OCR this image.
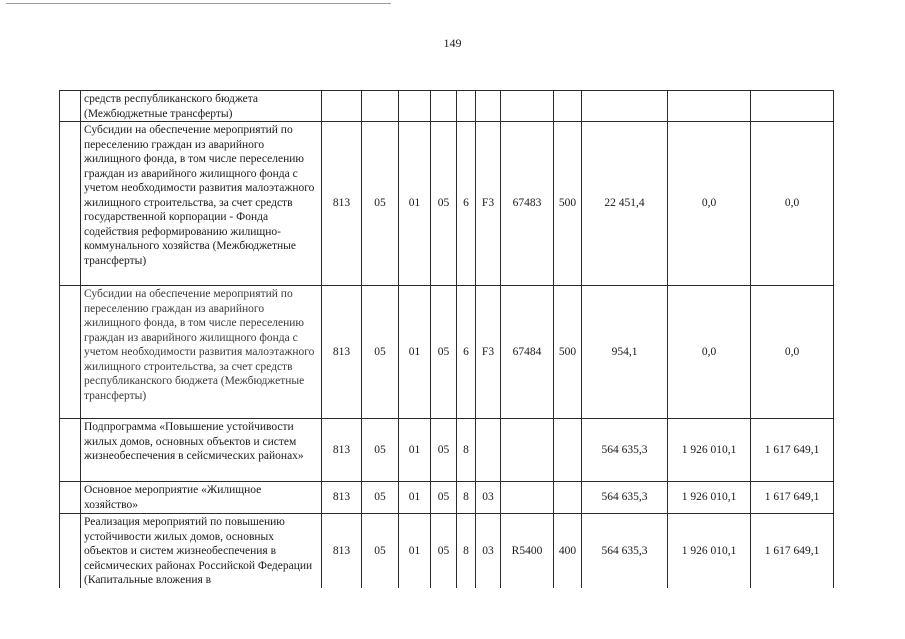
149
	средств республиканского бюджета (Межбюджетные трансферты)											
	Субсидии на обеспечение мероприятий по переселению граждан из аварийного жилищного фонда, в том числе переселению граждан из аварийного жилищного фонда с учетом необходимости развития малоэтажного жилищного строительства, за счет средств государственной корпорации - Фонда содействия реформированию жилищно-коммунального хозяйства (Межбюджетные трансферты)	813	05	01	05	6	F3	67483	500	22 451,4	0,0	0,0
	Субсидии на обеспечение мероприятий по переселению граждан из аварийного жилищного фонда, в том числе переселению граждан из аварийного жилищного фонда с учетом необходимости развития малоэтажного жилищного строительства, за счет средств республиканского бюджета (Межбюджетные трансферты)	813	05	01	05	6	F3	67484	500	954,1	0,0	0,0
	Подпрограмма «Повышение устойчивости жилых домов, основных объектов и систем жизнеобеспечения в сейсмических районах»	813	05	01	05	8				564 635,3	1 926 010,1	1 617 649,1
	Основное мероприятие «Жилищное хозяйство»	813	05	01	05	8	03			564 635,3	1 926 010,1	1 617 649,1
	Реализация мероприятий по повышению устойчивости жилых домов, основных объектов и систем жизнеобеспечения в сейсмических районах Российской Федерации (Капитальные вложения в	813	05	01	05	8	03	R5400	400	564 635,3	1 926 010,1	1 617 649,1
